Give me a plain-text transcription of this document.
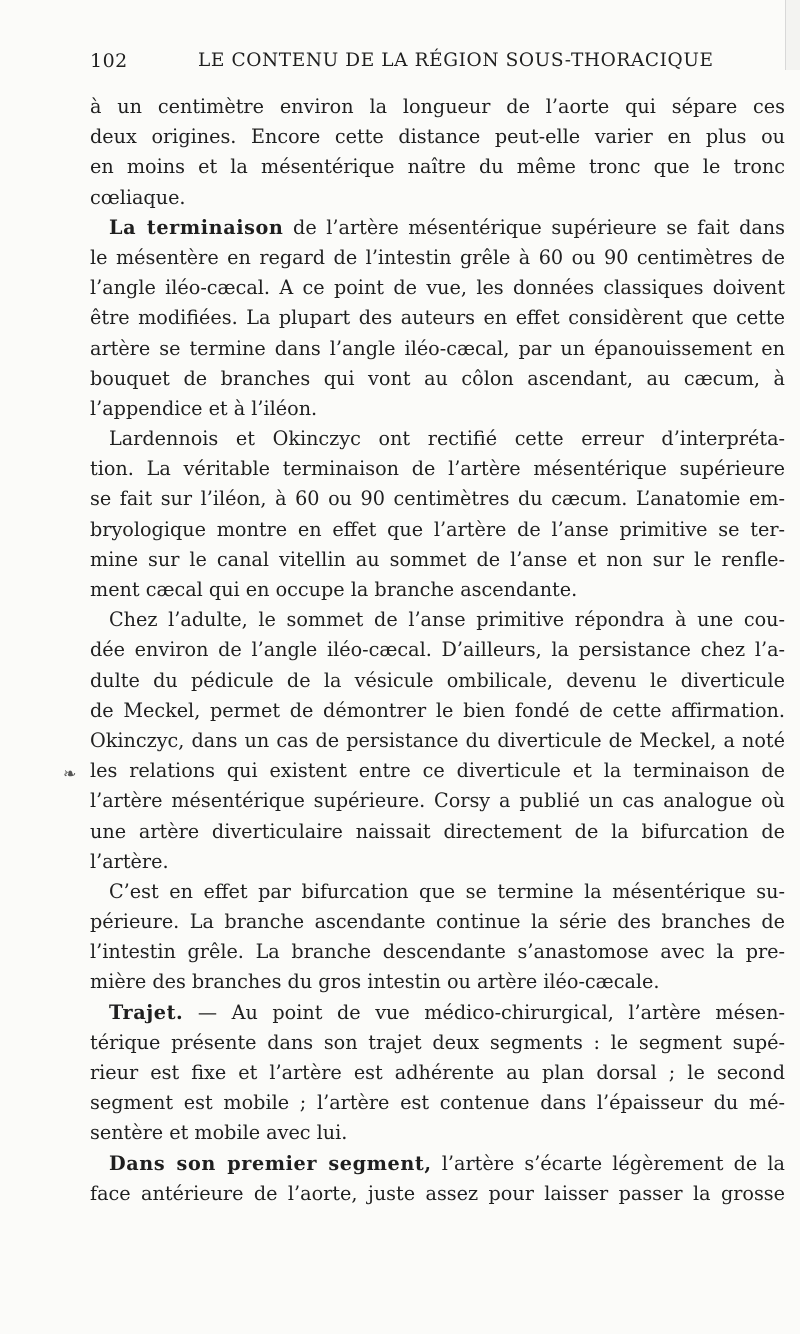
102	LE CONTENU DE LA RÉGION SOUS-THORACIQUE
❧
à un centimètre environ la longueur de l’aorte qui sépare ces
deux origines. Encore cette distance peut-elle varier en plus ou
en moins et la mésentérique naître du même tronc que le tronc
cœliaque.
La terminaison de l’artère mésentérique supérieure se fait dans
le mésentère en regard de l’intestin grêle à 60 ou 90 centimètres de
l’angle iléo-cæcal. A ce point de vue, les données classiques doivent
être modifiées. La plupart des auteurs en effet considèrent que cette
artère se termine dans l’angle iléo-cæcal, par un épanouissement en
bouquet de branches qui vont au côlon ascendant, au cæcum, à
l’appendice et à l’iléon.
Lardennois et Okinczyc ont rectifié cette erreur d’interpréta-
tion. La véritable terminaison de l’artère mésentérique supérieure
se fait sur l’iléon, à 60 ou 90 centimètres du cæcum. L’anatomie em-
bryologique montre en effet que l’artère de l’anse primitive se ter-
mine sur le canal vitellin au sommet de l’anse et non sur le renfle-
ment cæcal qui en occupe la branche ascendante.
Chez l’adulte, le sommet de l’anse primitive répondra à une cou-
dée environ de l’angle iléo-cæcal. D’ailleurs, la persistance chez l’a-
dulte du pédicule de la vésicule ombilicale, devenu le diverticule
de Meckel, permet de démontrer le bien fondé de cette affirmation.
Okinczyc, dans un cas de persistance du diverticule de Meckel, a noté
les relations qui existent entre ce diverticule et la terminaison de
l’artère mésentérique supérieure. Corsy a publié un cas analogue où
une artère diverticulaire naissait directement de la bifurcation de
l’artère.
C’est en effet par bifurcation que se termine la mésentérique su-
périeure. La branche ascendante continue la série des branches de
l’intestin grêle. La branche descendante s’anastomose avec la pre-
mière des branches du gros intestin ou artère iléo-cæcale.
Trajet. — Au point de vue médico-chirurgical, l’artère mésen-
térique présente dans son trajet deux segments : le segment supé-
rieur est fixe et l’artère est adhérente au plan dorsal ; le second
segment est mobile ; l’artère est contenue dans l’épaisseur du mé-
sentère et mobile avec lui.
Dans son premier segment, l’artère s’écarte légèrement de la
face antérieure de l’aorte, juste assez pour laisser passer la grosse
